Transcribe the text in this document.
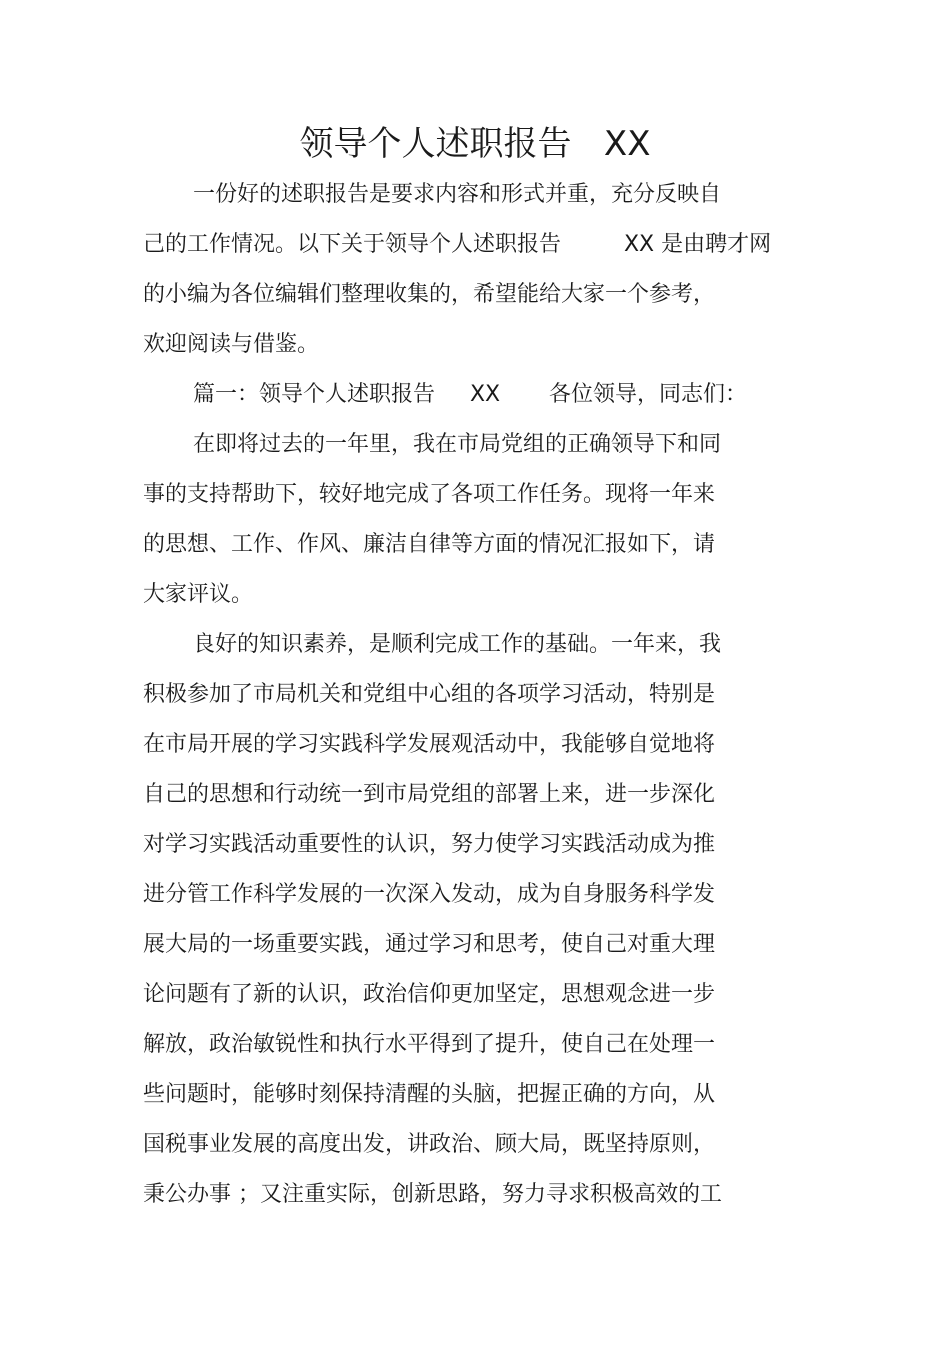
领导个人述职报告   XX
一份好的述职报告是要求内容和形式并重，充分反映自
己的工作情况。以下关于领导个人述职报告         XX 是由聘才网
的小编为各位编辑们整理收集的，希望能给大家一个参考，
欢迎阅读与借鉴。
篇一：领导个人述职报告     XX       各位领导，同志们：
在即将过去的一年里，我在市局党组的正确领导下和同
事的支持帮助下，较好地完成了各项工作任务。现将一年来
的思想、工作、作风、廉洁自律等方面的情况汇报如下，请
大家评议。
良好的知识素养，是顺利完成工作的基础。一年来，我
积极参加了市局机关和党组中心组的各项学习活动，特别是
在市局开展的学习实践科学发展观活动中，我能够自觉地将
自己的思想和行动统一到市局党组的部署上来，进一步深化
对学习实践活动重要性的认识，努力使学习实践活动成为推
进分管工作科学发展的一次深入发动，成为自身服务科学发
展大局的一场重要实践，通过学习和思考，使自己对重大理
论问题有了新的认识，政治信仰更加坚定，思想观念进一步
解放，政治敏锐性和执行水平得到了提升，使自己在处理一
些问题时，能够时刻保持清醒的头脑，把握正确的方向，从
国税事业发展的高度出发，讲政治、顾大局，既坚持原则，
秉公办事 ；又注重实际，创新思路，努力寻求积极高效的工
